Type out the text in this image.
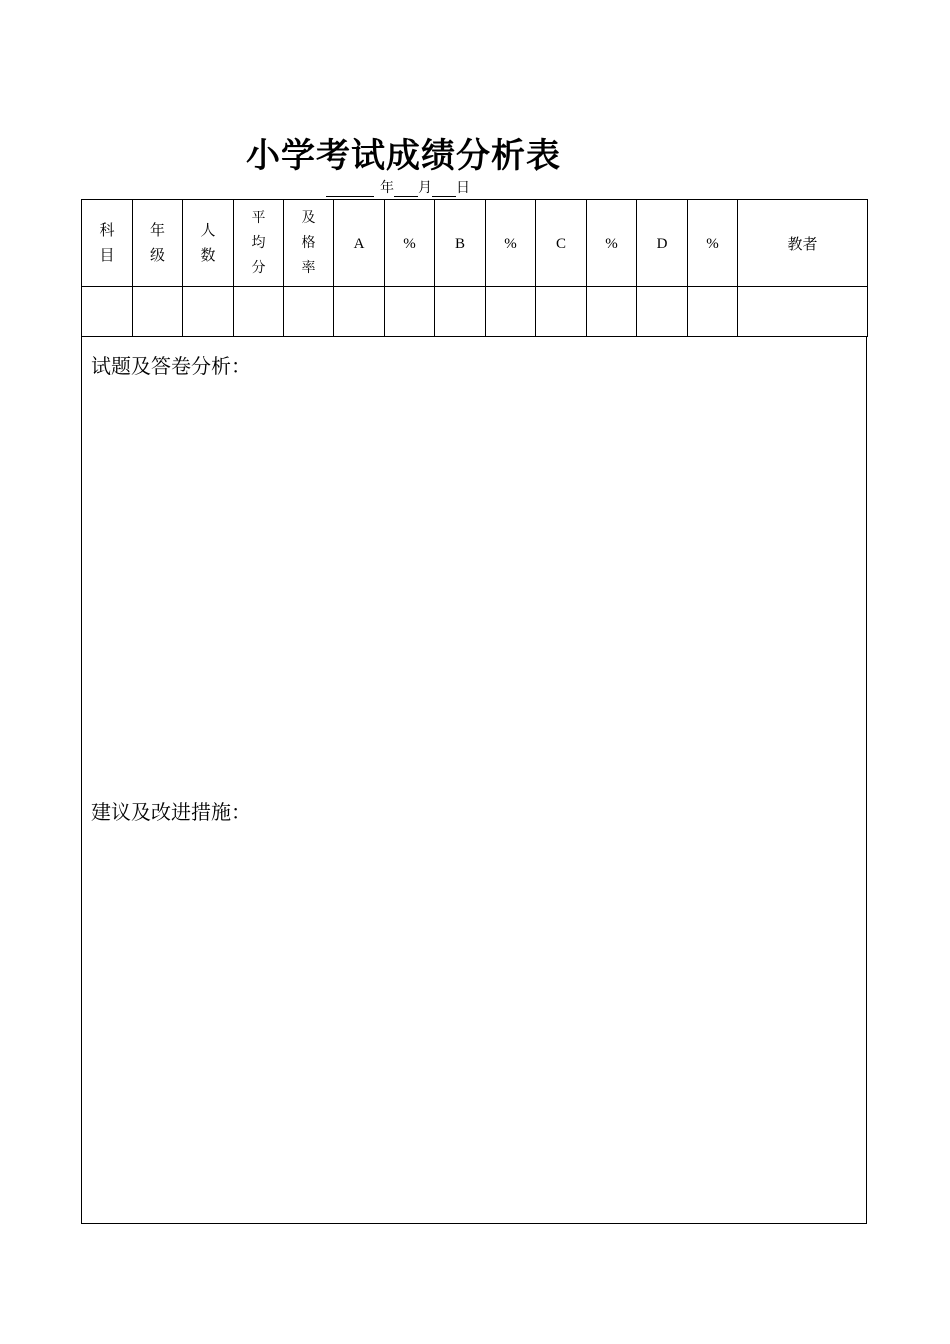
小学考试成绩分析表
年 月 日
科目	年级	人数	平均分	及格率	A	%	B	%	C	%	D	%	教者

试题及答卷分析：
建议及改进措施：
